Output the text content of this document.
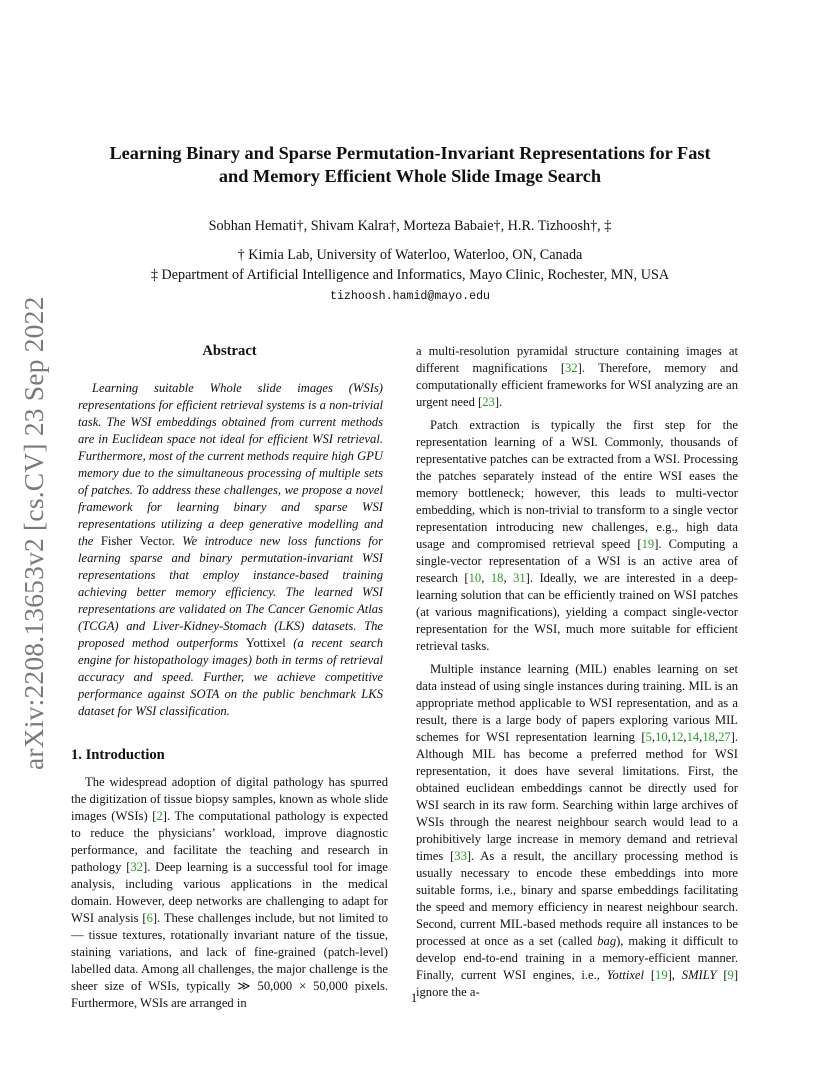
arXiv:2208.13653v2 [cs.CV] 23 Sep 2022
Learning Binary and Sparse Permutation-Invariant Representations for Fast
and Memory Efficient Whole Slide Image Search
Sobhan Hemati†, Shivam Kalra†, Morteza Babaie†, H.R. Tizhoosh†, ‡
† Kimia Lab, University of Waterloo, Waterloo, ON, Canada
‡ Department of Artificial Intelligence and Informatics, Mayo Clinic, Rochester, MN, USA
tizhoosh.hamid@mayo.edu
Abstract

Learning suitable Whole slide images (WSIs) representations for efficient retrieval systems is a non-trivial task. The WSI embeddings obtained from current methods are in Euclidean space not ideal for efficient WSI retrieval. Furthermore, most of the current methods require high GPU memory due to the simultaneous processing of multiple sets of patches. To address these challenges, we propose a novel framework for learning binary and sparse WSI representations utilizing a deep generative modelling and the Fisher Vector. We introduce new loss functions for learning sparse and binary permutation-invariant WSI representations that employ instance-based training achieving better memory efficiency. The learned WSI representations are validated on The Cancer Genomic Atlas (TCGA) and Liver-Kidney-Stomach (LKS) datasets. The proposed method outperforms Yottixel (a recent search engine for histopathology images) both in terms of retrieval accuracy and speed. Further, we achieve competitive performance against SOTA on the public benchmark LKS dataset for WSI classification.

1. Introduction

The widespread adoption of digital pathology has spurred the digitization of tissue biopsy samples, known as whole slide images (WSIs) [2]. The computational pathology is expected to reduce the physicians’ workload, improve diagnostic performance, and facilitate the teaching and research in pathology [32]. Deep learning is a successful tool for image analysis, including various applications in the medical domain. However, deep networks are challenging to adapt for WSI analysis [6]. These challenges include, but not limited to— tissue textures, rotationally invariant nature of the tissue, staining variations, and lack of fine-grained (patch-level) labelled data. Among all challenges, the major challenge is the sheer size of WSIs, typically ≫ 50,000 × 50,000 pixels. Furthermore, WSIs are arranged in

a multi-resolution pyramidal structure containing images at different magnifications [32]. Therefore, memory and computationally efficient frameworks for WSI analyzing are an urgent need [23].

Patch extraction is typically the first step for the representation learning of a WSI. Commonly, thousands of representative patches can be extracted from a WSI. Processing the patches separately instead of the entire WSI eases the memory bottleneck; however, this leads to multi-vector embedding, which is non-trivial to transform to a single vector representation introducing new challenges, e.g., high data usage and compromised retrieval speed [19]. Computing a single-vector representation of a WSI is an active area of research [10, 18, 31]. Ideally, we are interested in a deep-learning solution that can be efficiently trained on WSI patches (at various magnifications), yielding a compact single-vector representation for the WSI, much more suitable for efficient retrieval tasks.

Multiple instance learning (MIL) enables learning on set data instead of using single instances during training. MIL is an appropriate method applicable to WSI representation, and as a result, there is a large body of papers exploring various MIL schemes for WSI representation learning [5,10,12,14,18,27]. Although MIL has become a preferred method for WSI representation, it does have several limitations. First, the obtained euclidean embeddings cannot be directly used for WSI search in its raw form. Searching within large archives of WSIs through the nearest neighbour search would lead to a prohibitively large increase in memory demand and retrieval times [33]. As a result, the ancillary processing method is usually necessary to encode these embeddings into more suitable forms, i.e., binary and sparse embeddings facilitating the speed and memory efficiency in nearest neighbour search. Second, current MIL-based methods require all instances to be processed at once as a set (called bag), making it difficult to develop end-to-end training in a memory-efficient manner. Finally, current WSI engines, i.e., Yottixel [19], SMILY [9] ignore the a-

1
